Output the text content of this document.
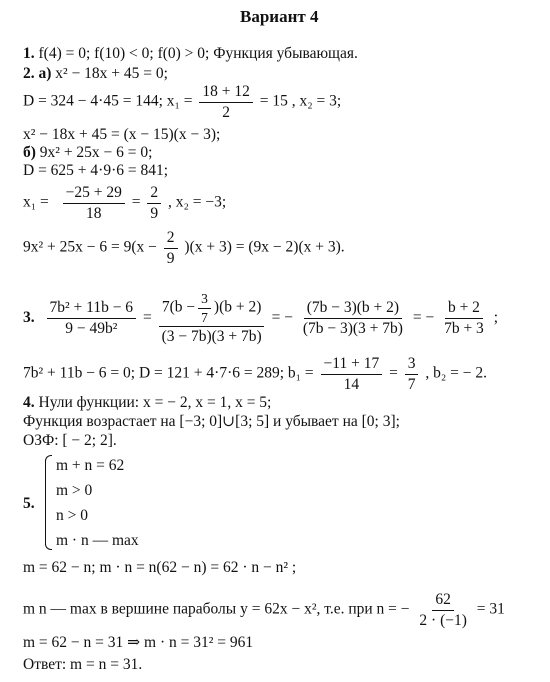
Вариант 4
1. f(4) = 0; f(10) < 0; f(0) > 0; Функция убывающая.
2. а) x² − 18x + 45 = 0;
D = 324 − 4·45 = 144; $x_1 = \frac{18 + 12}{2} = 15$ , x₂ = 3;
x² − 18x + 45 = (x − 15)(x − 3);
б) 9x² + 25x − 6 = 0;
D = 625 + 4·9·6 = 841;
$x_1 = \frac{-25 + 29}{18} = \frac{2}{9}$ , x₂ = −3;
$9x^2 + 25x - 6 = 9(x - \frac{2}{9} )(x + 3) = (9x - 2)(x + 3)$.
3. $\frac{\text{7b² + 11b − 6}}{\text{9 − 49b²}} = \frac{7(b - \frac{3}{7} )(b + 2)}{(3 - 7b)(3 + 7b)}$ = − $\frac{(7b - 3)(b + 2)}{(7b - 3)(3 + 7b)}$ = − $\frac{b + 2}{7b + 3}$ ;
7b² + 11b − 6 = 0; D = 121 + 4·7·6 = 289; $b_1 = \frac{-11 + 17}{14} = \frac{3}{7}$ , b₂ = − 2.
4. Нули функции: x = − 2, x = 1, x = 5;
Функция возрастает на [−3; 0]∪[3; 5] и убывает на [0; 3];
ОЗФ: [ − 2; 2].
5.
m + n = 62
m > 0
n > 0
m · n — max
m = 62 − n; m · n = n(62 − n) = 62 · n − n² ;
m n — max в вершине параболы y = 62x − x², т.е. при n = − $\frac{62}{2 \cdot (-1)} = 31$
m = 62 − n = 31 ⇒ m · n = 31² = 961
Ответ: m = n = 31.
